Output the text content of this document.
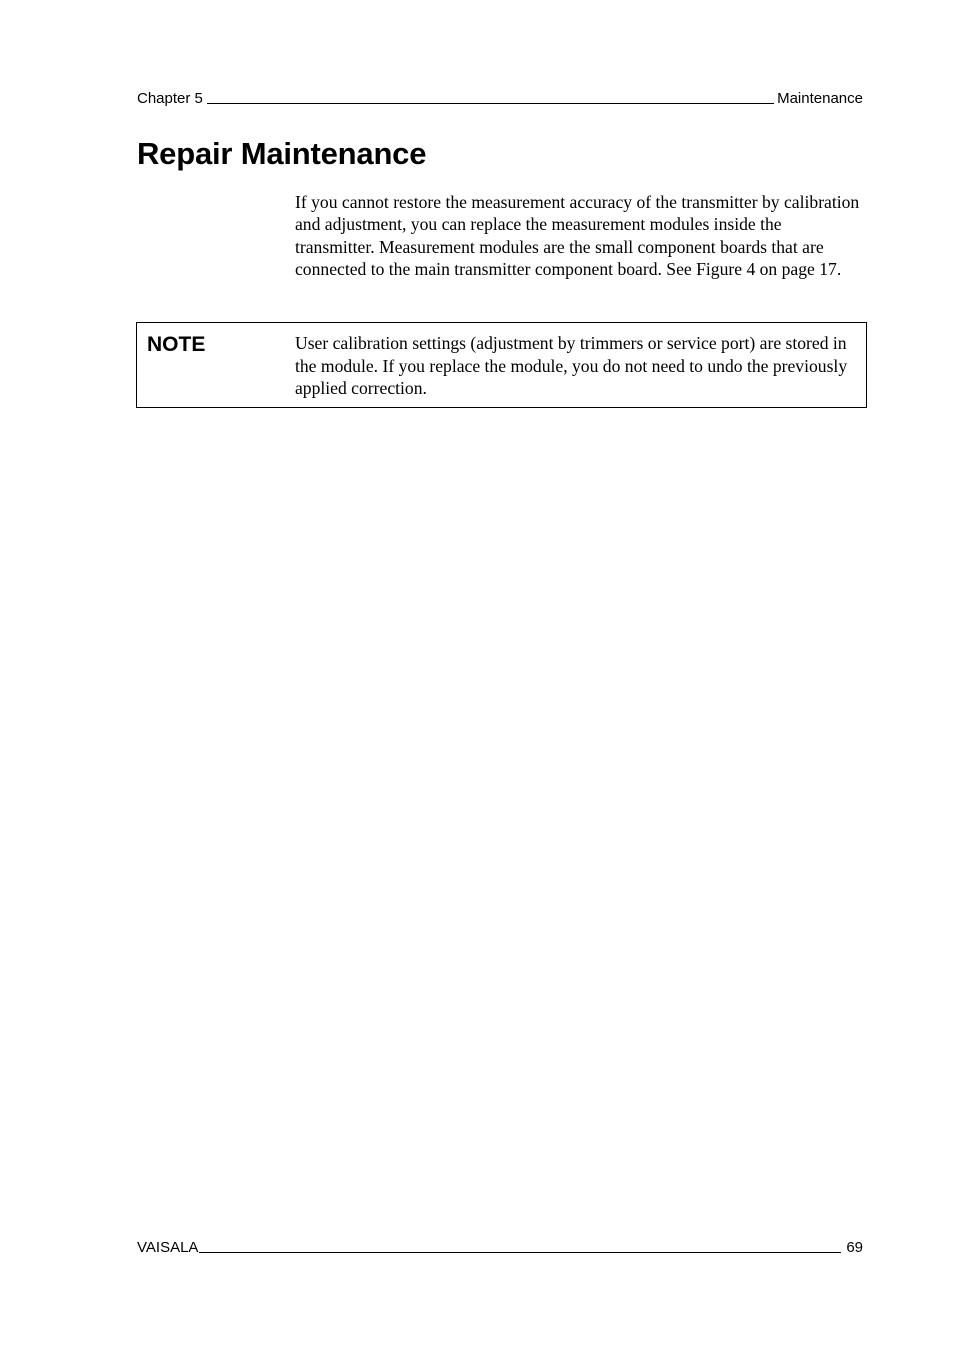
Chapter 5	Maintenance
Repair Maintenance

If you cannot restore the measurement accuracy of the transmitter by calibration and adjustment, you can replace the measurement modules inside the transmitter. Measurement modules are the small component boards that are connected to the main transmitter component board. See Figure 4 on page 17.

NOTE	User calibration settings (adjustment by trimmers or service port) are stored in the module. If you replace the module, you do not need to undo the previously applied correction.

VAISALA	69
